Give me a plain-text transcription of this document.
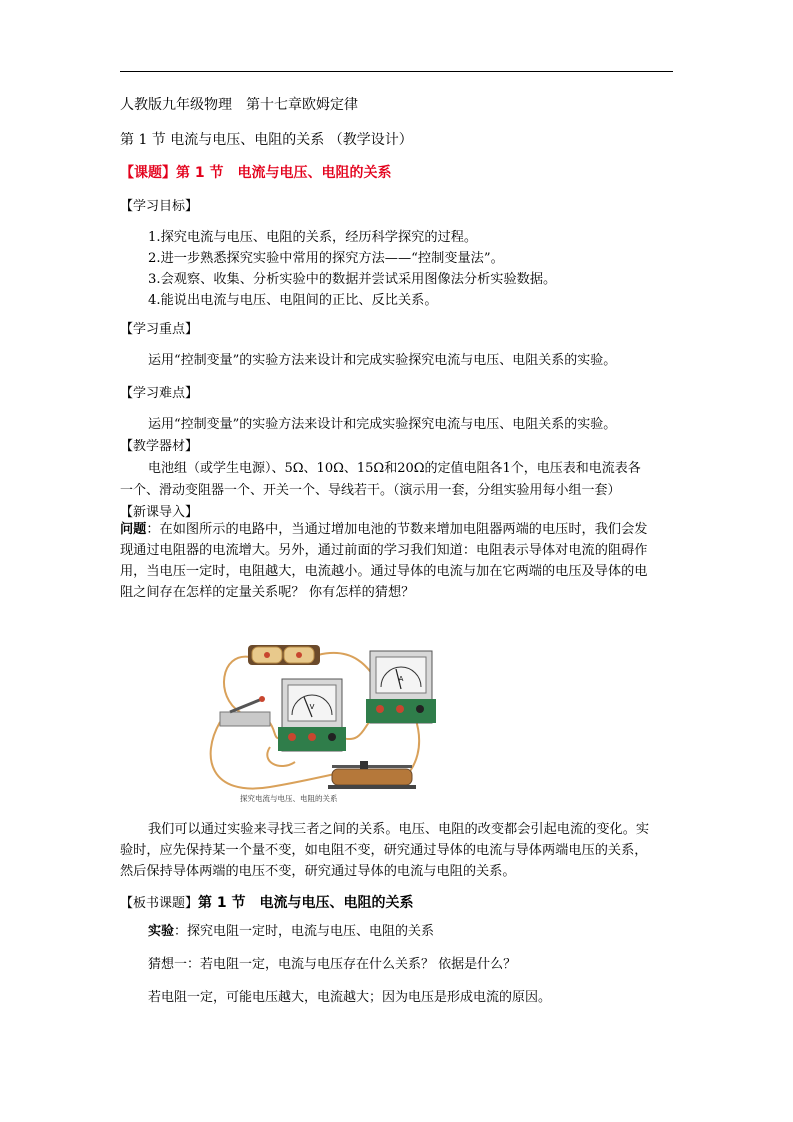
人教版九年级物理　第十七章欧姆定律
第 1 节 电流与电压、电阻的关系 （教学设计）
【课题】第 1 节　电流与电压、电阻的关系
【学习目标】

1.探究电流与电压、电阻的关系，经历科学探究的过程。

2.进一步熟悉探究实验中常用的探究方法——“控制变量法”。

3.会观察、收集、分析实验中的数据并尝试采用图像法分析实验数据。

4.能说出电流与电压、电阻间的正比、反比关系。

【学习重点】
运用“控制变量”的实验方法来设计和完成实验探究电流与电压、电阻关系的实验。
【学习难点】
运用“控制变量”的实验方法来设计和完成实验探究电流与电压、电阻关系的实验。
【教学器材】
电池组（或学生电源）、5Ω、10Ω、15Ω和20Ω的定值电阻各1个，电压表和电流表各
一个、滑动变阻器一个、开关一个、导线若干。（演示用一套，分组实验用每小组一套）
【新课导入】

问题：在如图所示的电路中，当通过增加电池的节数来增加电阻器两端的电压时，我们会发

现通过电阻器的电流增大。另外，通过前面的学习我们知道：电阻表示导体对电流的阻碍作

用，当电压一定时，电阻越大，电流越小。通过导体的电流与加在它两端的电压及导体的电

阻之间存在怎样的定量关系呢？ 你有怎样的猜想？

V
A
探究电流与电压、电阻的关系

我们可以通过实验来寻找三者之间的关系。电压、电阻的改变都会引起电流的变化。实

验时，应先保持某一个量不变，如电阻不变，研究通过导体的电流与导体两端电压的关系，

然后保持导体两端的电压不变，研究通过导体的电流与电阻的关系。

【板书课题】第 1 节　电流与电压、电阻的关系
实验：探究电阻一定时，电流与电压、电阻的关系
猜想一：若电阻一定，电流与电压存在什么关系？ 依据是什么？
若电阻一定，可能电压越大，电流越大；因为电压是形成电流的原因。
